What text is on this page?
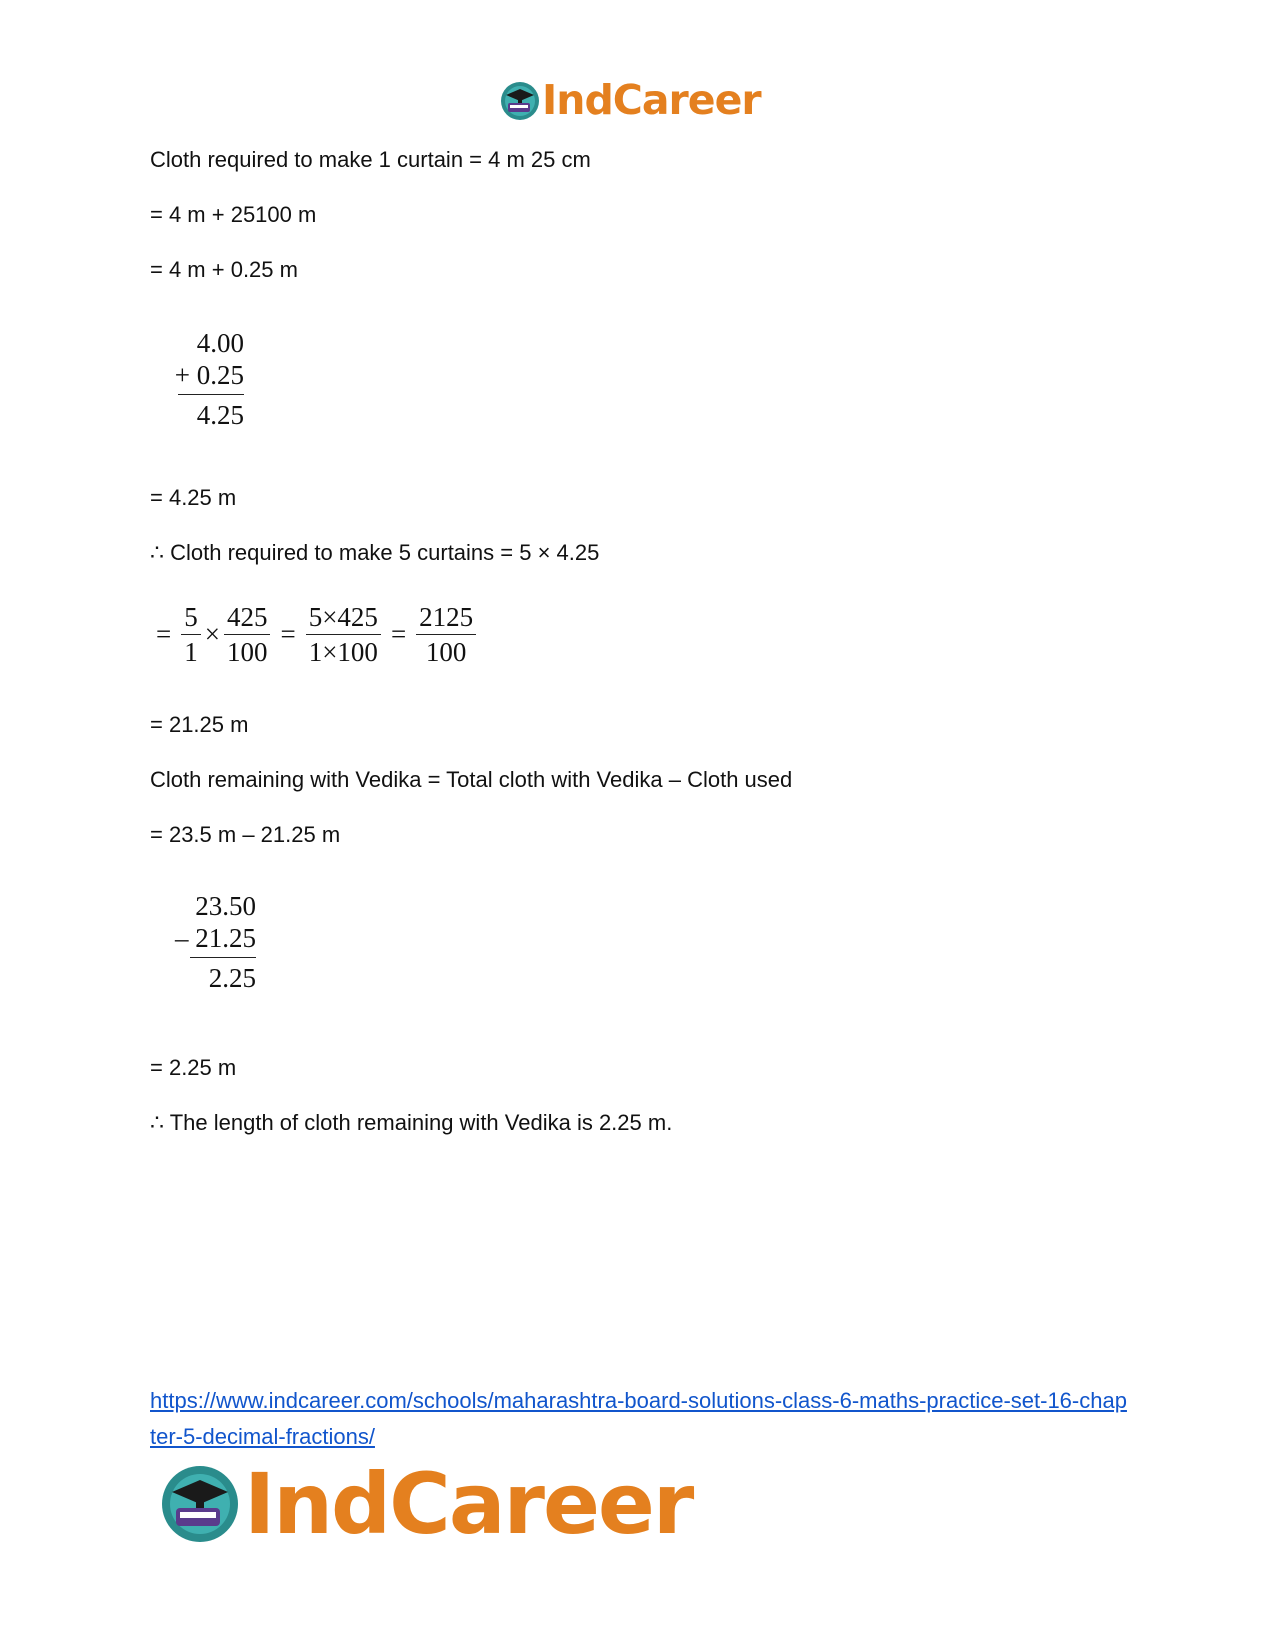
IndCareer
Cloth required to make 1 curtain = 4 m 25 cm
= 4 m + 25100 m
= 4 m + 0.25 m
4.00
+ 0.25
4.25
= 4.25 m
∴ Cloth required to make 5 curtains = 5 × 4.25
= $\frac{5}{1} \times \frac{425}{100} = \frac{5\times 425}{1\times 100} = \frac{2125}{100}$
= 21.25 m
Cloth remaining with Vedika = Total cloth with Vedika – Cloth used
= 23.5 m – 21.25 m
23.50
– 21.25
2.25
= 2.25 m
∴ The length of cloth remaining with Vedika is 2.25 m.
https://www.indcareer.com/schools/maharashtra-board-solutions-class-6-maths-practice-set-16-chapter-5-decimal-fractions/
IndCareer
